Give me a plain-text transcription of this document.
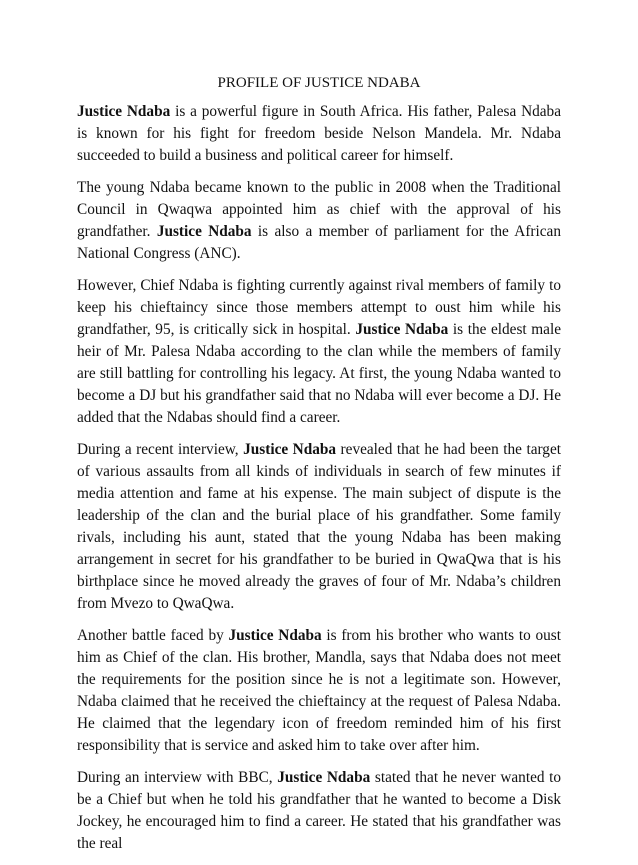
PROFILE OF JUSTICE NDABA

Justice Ndaba is a powerful figure in South Africa. His father, Palesa Ndaba is known for his fight for freedom beside Nelson Mandela. Mr. Ndaba succeeded to build a business and political career for himself.

The young Ndaba became known to the public in 2008 when the Traditional Council in Qwaqwa appointed him as chief with the approval of his grandfather. Justice Ndaba is also a member of parliament for the African National Congress (ANC).

However, Chief Ndaba is fighting currently against rival members of family to keep his chieftaincy since those members attempt to oust him while his grandfather, 95, is critically sick in hospital. Justice Ndaba is the eldest male heir of Mr. Palesa Ndaba according to the clan while the members of family are still battling for controlling his legacy. At first, the young Ndaba wanted to become a DJ but his grandfather said that no Ndaba will ever become a DJ. He added that the Ndabas should find a career.

During a recent interview, Justice Ndaba revealed that he had been the target of various assaults from all kinds of individuals in search of few minutes if media attention and fame at his expense. The main subject of dispute is the leadership of the clan and the burial place of his grandfather. Some family rivals, including his aunt, stated that the young Ndaba has been making arrangement in secret for his grandfather to be buried in QwaQwa that is his birthplace since he moved already the graves of four of Mr. Ndaba’s children from Mvezo to QwaQwa.

Another battle faced by Justice Ndaba is from his brother who wants to oust him as Chief of the clan. His brother, Mandla, says that Ndaba does not meet the requirements for the position since he is not a legitimate son. However, Ndaba claimed that he received the chieftaincy at the request of Palesa Ndaba. He claimed that the legendary icon of freedom reminded him of his first responsibility that is service and asked him to take over after him.

During an interview with BBC, Justice Ndaba stated that he never wanted to be a Chief but when he told his grandfather that he wanted to become a Disk Jockey, he encouraged him to find a career. He stated that his grandfather was the real
